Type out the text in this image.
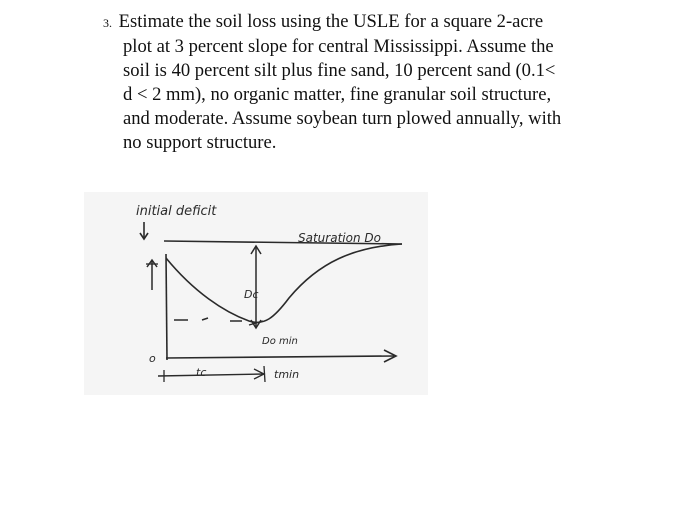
3. Estimate the soil loss using the USLE for a square 2-acre
plot at 3 percent slope for central Mississippi. Assume the
soil is 40 percent silt plus fine sand, 10 percent sand (0.1<
d < 2 mm), no organic matter, fine granular soil structure,
and moderate. Assume soybean turn plowed annually, with
no support structure.
initial deficit
Saturation Do
Dc
Do min
o
tc	tmin
